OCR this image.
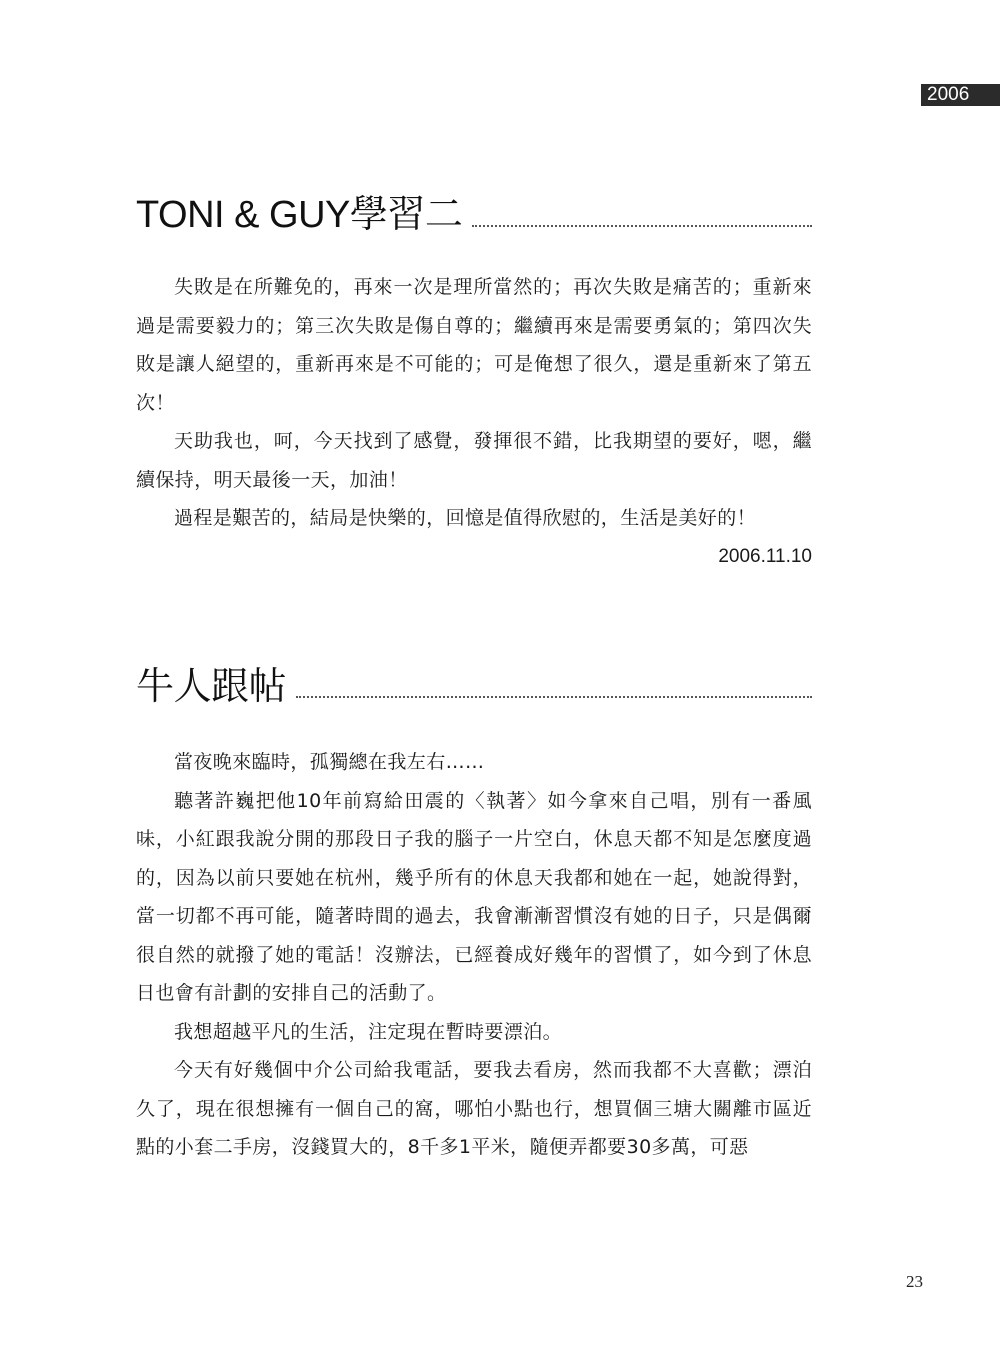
2006
TONI & GUY學習二

失敗是在所難免的，再來一次是理所當然的；再次失敗是痛苦的；重新來過是需要毅力的；第三次失敗是傷自尊的；繼續再來是需要勇氣的；第四次失敗是讓人絕望的，重新再來是不可能的；可是俺想了很久，還是重新來了第五次！

天助我也，呵，今天找到了感覺，發揮很不錯，比我期望的要好，嗯，繼續保持，明天最後一天，加油！

過程是艱苦的，結局是快樂的，回憶是值得欣慰的，生活是美好的！

2006.11.10

牛人跟帖

當夜晚來臨時，孤獨總在我左右……

聽著許巍把他10年前寫給田震的〈執著〉如今拿來自己唱，別有一番風味，小紅跟我說分開的那段日子我的腦子一片空白，休息天都不知是怎麼度過的，因為以前只要她在杭州，幾乎所有的休息天我都和她在一起，她說得對，當一切都不再可能，隨著時間的過去，我會漸漸習慣沒有她的日子，只是偶爾很自然的就撥了她的電話！沒辦法，已經養成好幾年的習慣了，如今到了休息日也會有計劃的安排自己的活動了。

我想超越平凡的生活，注定現在暫時要漂泊。

今天有好幾個中介公司給我電話，要我去看房，然而我都不大喜歡；漂泊久了，現在很想擁有一個自己的窩，哪怕小點也行，想買個三塘大關離市區近點的小套二手房，沒錢買大的，8千多1平米，隨便弄都要30多萬，可惡

23
